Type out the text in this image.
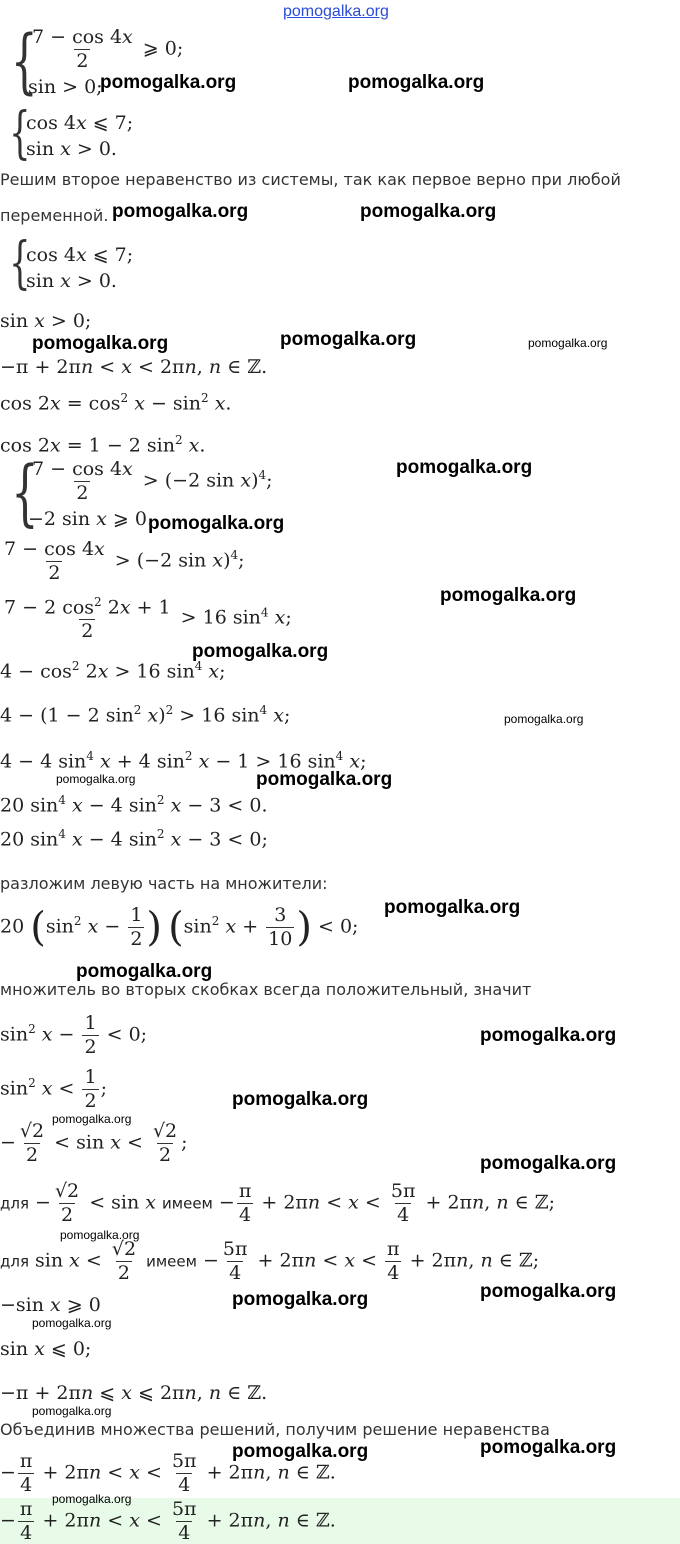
pomogalka.org
pomogalka.org	pomogalka.org
pomogalka.org	pomogalka.org
pomogalka.org	pomogalka.org	pomogalka.org
pomogalka.org
pomogalka.org
pomogalka.org
pomogalka.org
pomogalka.org
pomogalka.org	pomogalka.org
pomogalka.org
pomogalka.org
pomogalka.org
pomogalka.org
pomogalka.org
pomogalka.org
pomogalka.org
pomogalka.org
pomogalka.org
pomogalka.org
pomogalka.org
pomogalka.org	pomogalka.org
pomogalka.org
{
$\frac{7 - \cos 4x}{2}$ ⩾ 0;
sin > 0;
{
cos 4x ⩽ 7;
sin x > 0.
Решим второе неравенство из системы, так как первое верно при любой
переменной.
{
cos 4x ⩽ 7;
sin x > 0.
sin x > 0;
−π + 2πn < x < 2πn, n ∈ ℤ.
$\cos 2x = \cos^2 x - \sin^2 x$.
cos 2x = 1 − 2 $\sin^2 x$.
{
$\frac{7 - \cos 4x}{2} > (-2$ sin x)$^4$;
−2 sin x ⩾ 0.
$\frac{7 - \cos 4x}{2} > (-2$ sin x)$^4$;
$\frac{7 - 2 \cos^2 2x + 1}{2} > 16$ $\sin^4 x$;
$4 - \cos^2 2x > 16$ $\sin^4 x$;
4 − (1 − 2 $\sin^2 x)^2 > 16$ $\sin^4 x$;
4 − 4 $\sin^4 x + 4$ $\sin^2 x - 1 > 16$ $\sin^4 x$;
20 $\sin^4 x - 4$ $\sin^2 x - 3 < 0$.
20 $\sin^4 x - 4$ $\sin^2 x - 3 < 0$;
разложим левую часть на множители:
20 ($\sin^2$ $x - \frac{1}{2}$ ) ($\sin^2$ $x + \frac{3}{10}$ ) < 0;
множитель во вторых скобках всегда положительный, значит
$\sin^2 x - \frac{1}{2} < 0$;
$\sin^2 x < \frac{1}{2}$ ;
− $\frac{√2}{2} < \sin x < \frac{√2}{2}$ ;
для − $\frac{√2}{2} < \sin x$ имеем − $\frac{\pi}{4} + 2\pi n < x < \frac{5\pi}{4} + 2\pi n$, n ∈ ℤ;
для $\sin x < \frac{√2}{2}$ имеем − $\frac{5\pi}{4} + 2\pi n < x < \frac{\pi}{4} + 2\pi n$, n ∈ ℤ;
−sin x ⩾ 0
sin x ⩽ 0;
−π + 2πn ⩽ x ⩽ 2πn, n ∈ ℤ.
Объединив множества решений, получим решение неравенства
− $\frac{\pi}{4} + 2\pi n < x < \frac{5\pi}{4} + 2\pi n$, n ∈ ℤ.
− $\frac{\pi}{4} + 2\pi n < x < \frac{5\pi}{4} + 2\pi n$, n ∈ ℤ.
